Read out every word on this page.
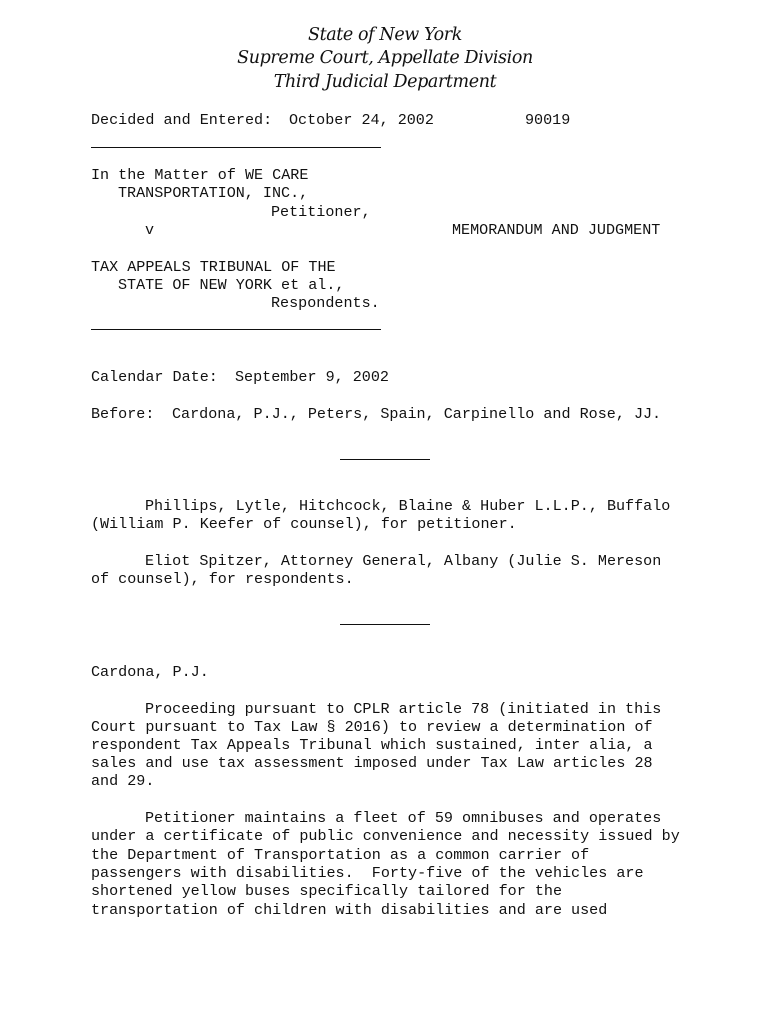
State of New York
Supreme Court, Appellate Division
Third Judicial Department
Decided and Entered: October 24, 2002	90019
In the Matter of WE CARE
TRANSPORTATION, INC.,
Petitioner,
v	MEMORANDUM AND JUDGMENT
TAX APPEALS TRIBUNAL OF THE
STATE OF NEW YORK et al.,
Respondents.
Calendar Date: September 9, 2002
Before: Cardona, P.J., Peters, Spain, Carpinello and Rose, JJ.
Phillips, Lytle, Hitchcock, Blaine & Huber L.L.P., Buffalo
(William P. Keefer of counsel), for petitioner.
Eliot Spitzer, Attorney General, Albany (Julie S. Mereson
of counsel), for respondents.
Cardona, P.J.
Proceeding pursuant to CPLR article 78 (initiated in this
Court pursuant to Tax Law § 2016) to review a determination of
respondent Tax Appeals Tribunal which sustained, inter alia, a
sales and use tax assessment imposed under Tax Law articles 28
and 29.
Petitioner maintains a fleet of 59 omnibuses and operates
under a certificate of public convenience and necessity issued by
the Department of Transportation as a common carrier of
passengers with disabilities.  Forty-five of the vehicles are
shortened yellow buses specifically tailored for the
transportation of children with disabilities and are used
